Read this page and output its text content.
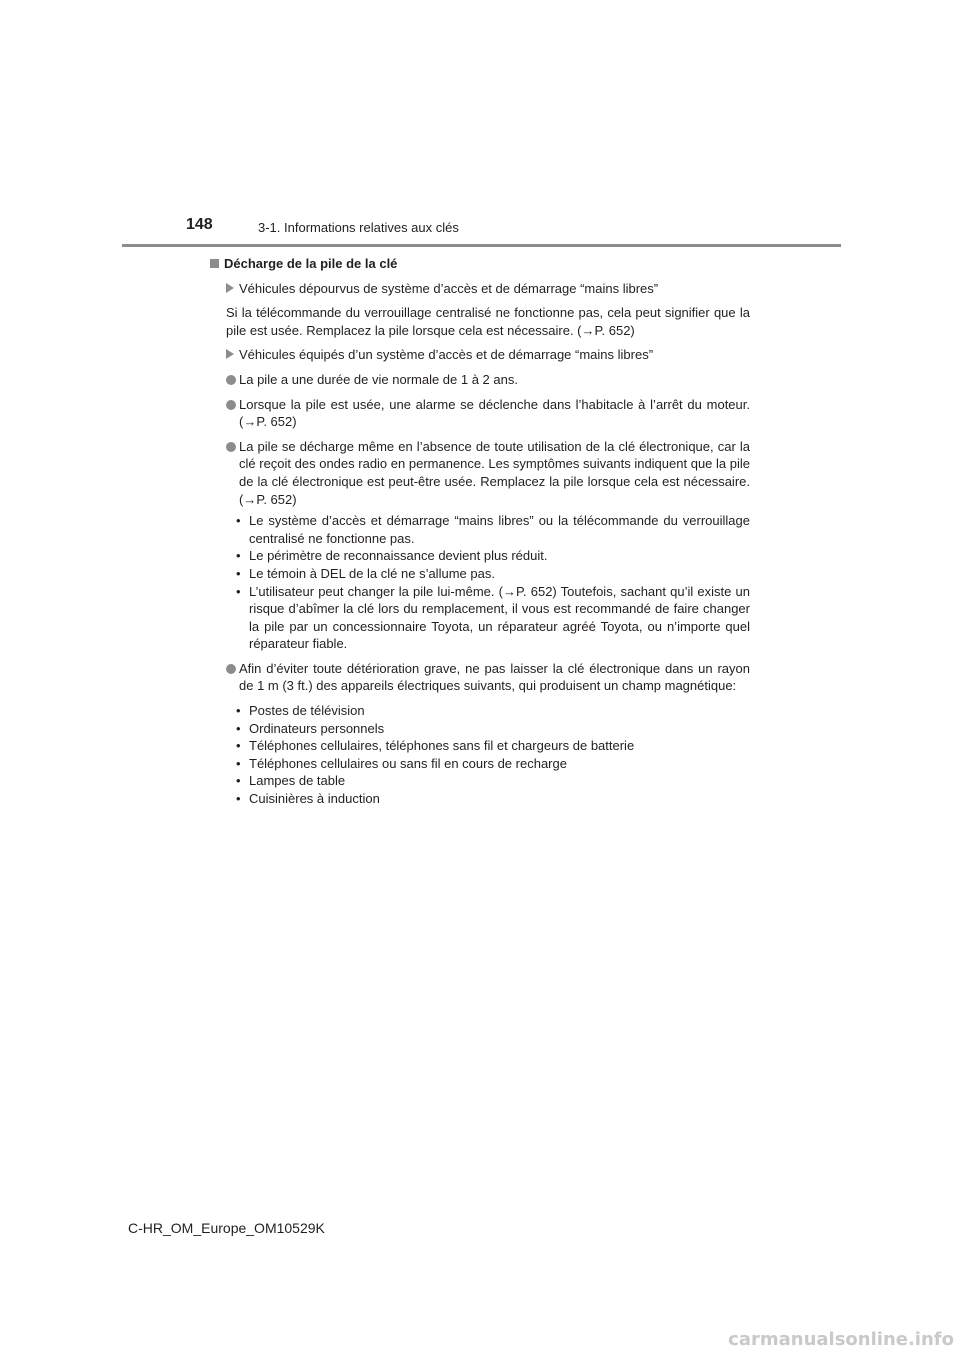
148	3-1. Informations relatives aux clés
Décharge de la pile de la clé
Véhicules dépourvus de système d’accès et de démarrage “mains libres”
Si la télécommande du verrouillage centralisé ne fonctionne pas, cela peut signifier que la pile est usée. Remplacez la pile lorsque cela est nécessaire. (→P. 652)
Véhicules équipés d’un système d’accès et de démarrage “mains libres”
La pile a une durée de vie normale de 1 à 2 ans.
Lorsque la pile est usée, une alarme se déclenche dans l’habitacle à l’arrêt du moteur. (→P. 652)
La pile se décharge même en l’absence de toute utilisation de la clé électronique, car la clé reçoit des ondes radio en permanence. Les symptômes suivants indiquent que la pile de la clé électronique est peut-être usée. Remplacez la pile lorsque cela est nécessaire. (→P. 652)
• Le système d’accès et démarrage “mains libres” ou la télécommande du verrouillage centralisé ne fonctionne pas.
• Le périmètre de reconnaissance devient plus réduit.
• Le témoin à DEL de la clé ne s’allume pas.
• L’utilisateur peut changer la pile lui-même. (→P. 652) Toutefois, sachant qu’il existe un risque d’abîmer la clé lors du remplacement, il vous est recommandé de faire changer la pile par un concessionnaire Toyota, un réparateur agréé Toyota, ou n’importe quel réparateur fiable.
Afin d’éviter toute détérioration grave, ne pas laisser la clé électronique dans un rayon de 1 m (3 ft.) des appareils électriques suivants, qui produisent un champ magnétique:
• Postes de télévision
• Ordinateurs personnels
• Téléphones cellulaires, téléphones sans fil et chargeurs de batterie
• Téléphones cellulaires ou sans fil en cours de recharge
• Lampes de table
• Cuisinières à induction
C-HR_OM_Europe_OM10529K
carmanualsonline.info
